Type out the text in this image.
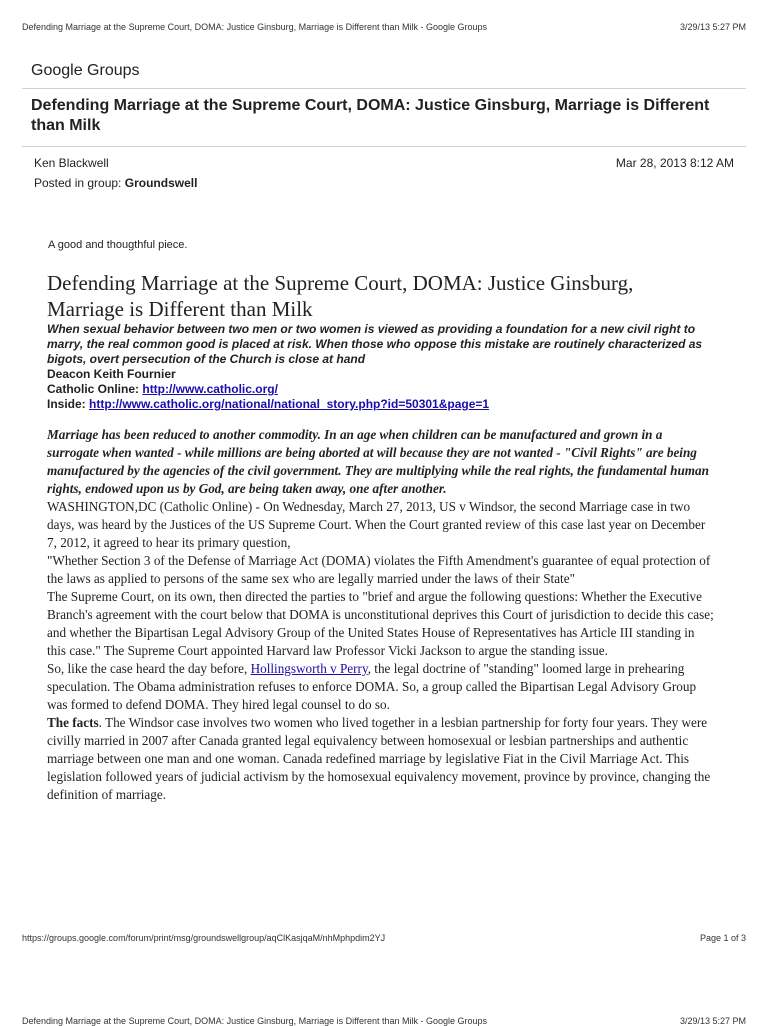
Defending Marriage at the Supreme Court, DOMA: Justice Ginsburg, Marriage is Different than Milk - Google Groups	3/29/13 5:27 PM
Google Groups
Defending Marriage at the Supreme Court, DOMA: Justice Ginsburg, Marriage is Different than Milk
Ken Blackwell	Mar 28, 2013 8:12 AM
Posted in group: Groundswell
A good and thougthful piece.
Defending Marriage at the Supreme Court, DOMA: Justice Ginsburg, Marriage is Different than Milk

When sexual behavior between two men or two women is viewed as providing a foundation for a new civil right to marry, the real common good is placed at risk. When those who oppose this mistake are routinely characterized as bigots, overt persecution of the Church is close at hand

Deacon Keith Fournier

Catholic Online: http://www.catholic.org/

Inside: http://www.catholic.org/national/national_story.php?id=50301&page=1

Marriage has been reduced to another commodity. In an age when children can be manufactured and grown in a surrogate when wanted - while millions are being aborted at will because they are not wanted - "Civil Rights" are being manufactured by the agencies of the civil government. They are multiplying while the real rights, the fundamental human rights, endowed upon us by God, are being taken away, one after another.

WASHINGTON,DC (Catholic Online) - On Wednesday, March 27, 2013, US v Windsor, the second Marriage case in two days, was heard by the Justices of the US Supreme Court. When the Court granted review of this case last year on December 7, 2012, it agreed to hear its primary question,

"Whether Section 3 of the Defense of Marriage Act (DOMA) violates the Fifth Amendment's guarantee of equal protection of the laws as applied to persons of the same sex who are legally married under the laws of their State"

The Supreme Court, on its own, then directed the parties to "brief and argue the following questions: Whether the Executive Branch's agreement with the court below that DOMA is unconstitutional deprives this Court of jurisdiction to decide this case; and whether the Bipartisan Legal Advisory Group of the United States House of Representatives has Article III standing in this case." The Supreme Court appointed Harvard law Professor Vicki Jackson to argue the standing issue.

So, like the case heard the day before, Hollingsworth v Perry, the legal doctrine of "standing" loomed large in prehearing speculation. The Obama administration refuses to enforce DOMA. So, a group called the Bipartisan Legal Advisory Group was formed to defend DOMA. They hired legal counsel to do so.

The facts. The Windsor case involves two women who lived together in a lesbian partnership for forty four years. They were civilly married in 2007 after Canada granted legal equivalency between homosexual or lesbian partnerships and authentic marriage between one man and one woman. Canada redefined marriage by legislative Fiat in the Civil Marriage Act. This legislation followed years of judicial activism by the homosexual equivalency movement, province by province, changing the definition of marriage.

https://groups.google.com/forum/print/msg/groundswellgroup/aqClKasjqaM/nhMphpdim2YJ	Page 1 of 3
Defending Marriage at the Supreme Court, DOMA: Justice Ginsburg, Marriage is Different than Milk - Google Groups	3/29/13 5:27 PM
